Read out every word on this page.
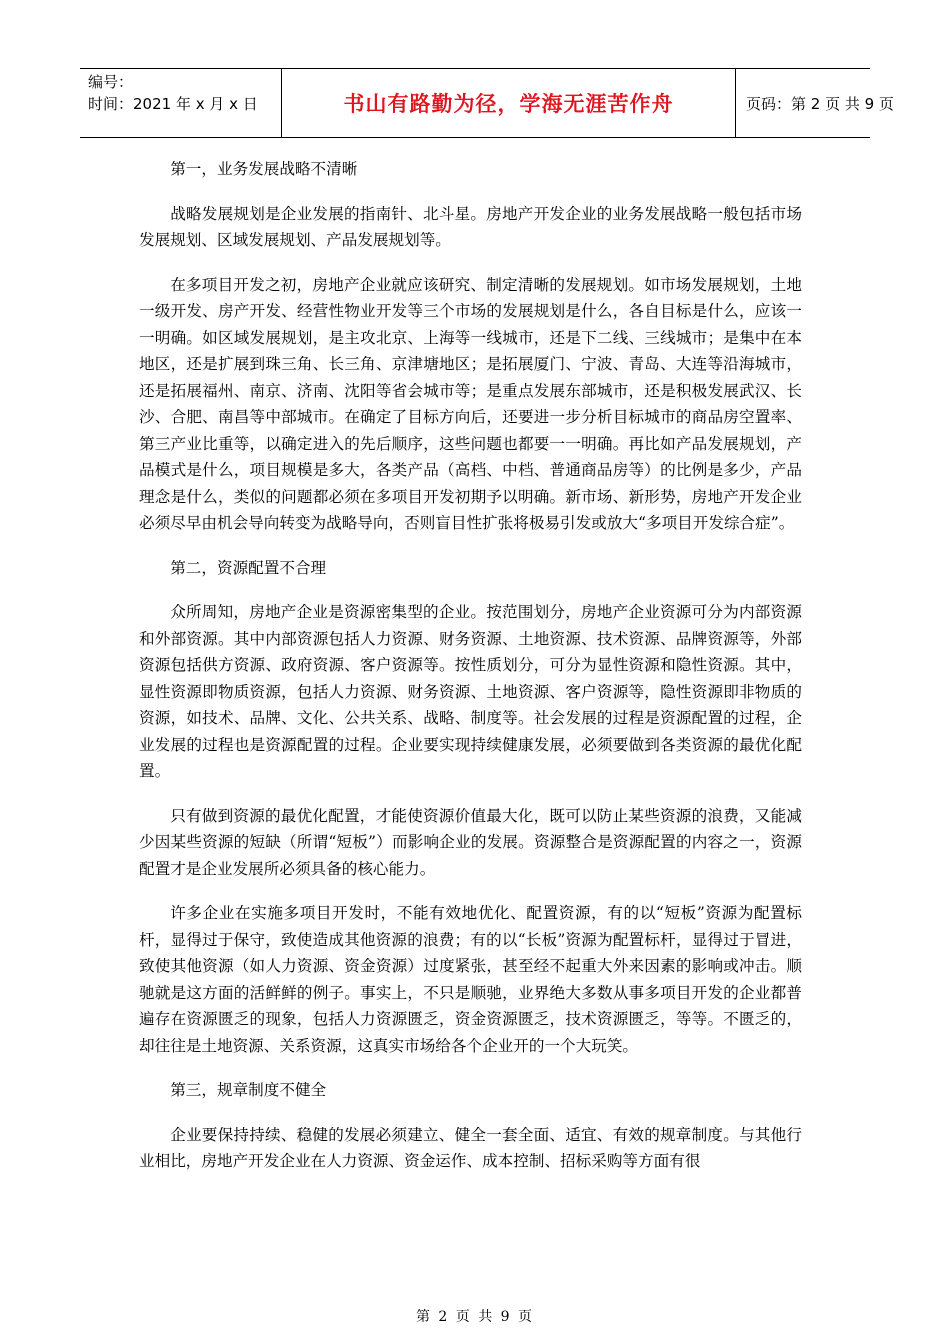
编号：
时间：2021 年 x 月 x 日	书山有路勤为径，学海无涯苦作舟	页码：第 2 页 共 9 页

第一，业务发展战略不清晰

战略发展规划是企业发展的指南针、北斗星。房地产开发企业的业务发展战略一般包括市场发展规划、区域发展规划、产品发展规划等。

在多项目开发之初，房地产企业就应该研究、制定清晰的发展规划。如市场发展规划，土地一级开发、房产开发、经营性物业开发等三个市场的发展规划是什么，各自目标是什么，应该一一明确。如区域发展规划，是主攻北京、上海等一线城市，还是下二线、三线城市；是集中在本地区，还是扩展到珠三角、长三角、京津塘地区；是拓展厦门、宁波、青岛、大连等沿海城市，还是拓展福州、南京、济南、沈阳等省会城市等；是重点发展东部城市，还是积极发展武汉、长沙、合肥、南昌等中部城市。在确定了目标方向后，还要进一步分析目标城市的商品房空置率、第三产业比重等，以确定进入的先后顺序，这些问题也都要一一明确。再比如产品发展规划，产品模式是什么，项目规模是多大，各类产品（高档、中档、普通商品房等）的比例是多少，产品理念是什么，类似的问题都必须在多项目开发初期予以明确。新市场、新形势，房地产开发企业必须尽早由机会导向转变为战略导向，否则盲目性扩张将极易引发或放大“多项目开发综合症”。

第二，资源配置不合理

众所周知，房地产企业是资源密集型的企业。按范围划分，房地产企业资源可分为内部资源和外部资源。其中内部资源包括人力资源、财务资源、土地资源、技术资源、品牌资源等，外部资源包括供方资源、政府资源、客户资源等。按性质划分，可分为显性资源和隐性资源。其中，显性资源即物质资源，包括人力资源、财务资源、土地资源、客户资源等，隐性资源即非物质的资源，如技术、品牌、文化、公共关系、战略、制度等。社会发展的过程是资源配置的过程，企业发展的过程也是资源配置的过程。企业要实现持续健康发展，必须要做到各类资源的最优化配置。

只有做到资源的最优化配置，才能使资源价值最大化，既可以防止某些资源的浪费，又能减少因某些资源的短缺（所谓“短板”）而影响企业的发展。资源整合是资源配置的内容之一，资源配置才是企业发展所必须具备的核心能力。

许多企业在实施多项目开发时，不能有效地优化、配置资源，有的以“短板”资源为配置标杆，显得过于保守，致使造成其他资源的浪费；有的以“长板”资源为配置标杆，显得过于冒进，致使其他资源（如人力资源、资金资源）过度紧张，甚至经不起重大外来因素的影响或冲击。顺驰就是这方面的活鲜鲜的例子。事实上，不只是顺驰，业界绝大多数从事多项目开发的企业都普遍存在资源匮乏的现象，包括人力资源匮乏，资金资源匮乏，技术资源匮乏，等等。不匮乏的，却往往是土地资源、关系资源，这真实市场给各个企业开的一个大玩笑。

第三，规章制度不健全

企业要保持持续、稳健的发展必须建立、健全一套全面、适宜、有效的规章制度。与其他行业相比，房地产开发企业在人力资源、资金运作、成本控制、招标采购等方面有很

第 2 页 共 9 页
